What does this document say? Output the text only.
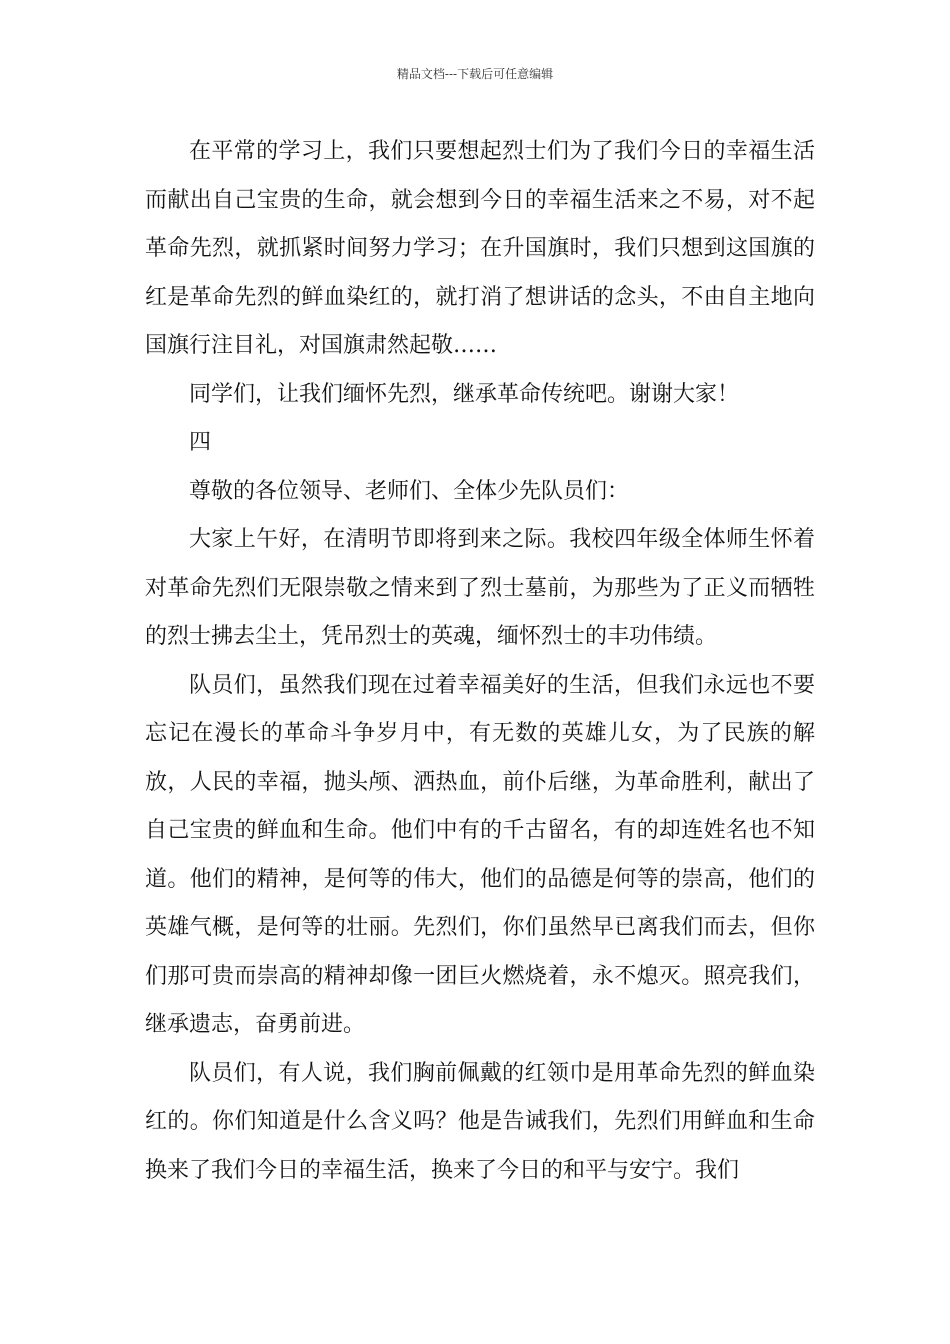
精品文档---下载后可任意编辑

在平常的学习上，我们只要想起烈士们为了我们今日的幸福生活而献出自己宝贵的生命，就会想到今日的幸福生活来之不易，对不起革命先烈，就抓紧时间努力学习；在升国旗时，我们只想到这国旗的红是革命先烈的鲜血染红的，就打消了想讲话的念头，不由自主地向国旗行注目礼，对国旗肃然起敬……

同学们，让我们缅怀先烈，继承革命传统吧。谢谢大家！

四

尊敬的各位领导、老师们、全体少先队员们：

大家上午好，在清明节即将到来之际。我校四年级全体师生怀着对革命先烈们无限崇敬之情来到了烈士墓前，为那些为了正义而牺牲的烈士拂去尘土，凭吊烈士的英魂，缅怀烈士的丰功伟绩。

队员们，虽然我们现在过着幸福美好的生活，但我们永远也不要忘记在漫长的革命斗争岁月中，有无数的英雄儿女，为了民族的解放，人民的幸福，抛头颅、洒热血，前仆后继，为革命胜利，献出了自己宝贵的鲜血和生命。他们中有的千古留名，有的却连姓名也不知道。他们的精神，是何等的伟大，他们的品德是何等的崇高，他们的英雄气概，是何等的壮丽。先烈们，你们虽然早已离我们而去，但你们那可贵而崇高的精神却像一团巨火燃烧着，永不熄灭。照亮我们，继承遗志，奋勇前进。

队员们，有人说，我们胸前佩戴的红领巾是用革命先烈的鲜血染红的。你们知道是什么含义吗？他是告诫我们，先烈们用鲜血和生命换来了我们今日的幸福生活，换来了今日的和平与安宁。我们
